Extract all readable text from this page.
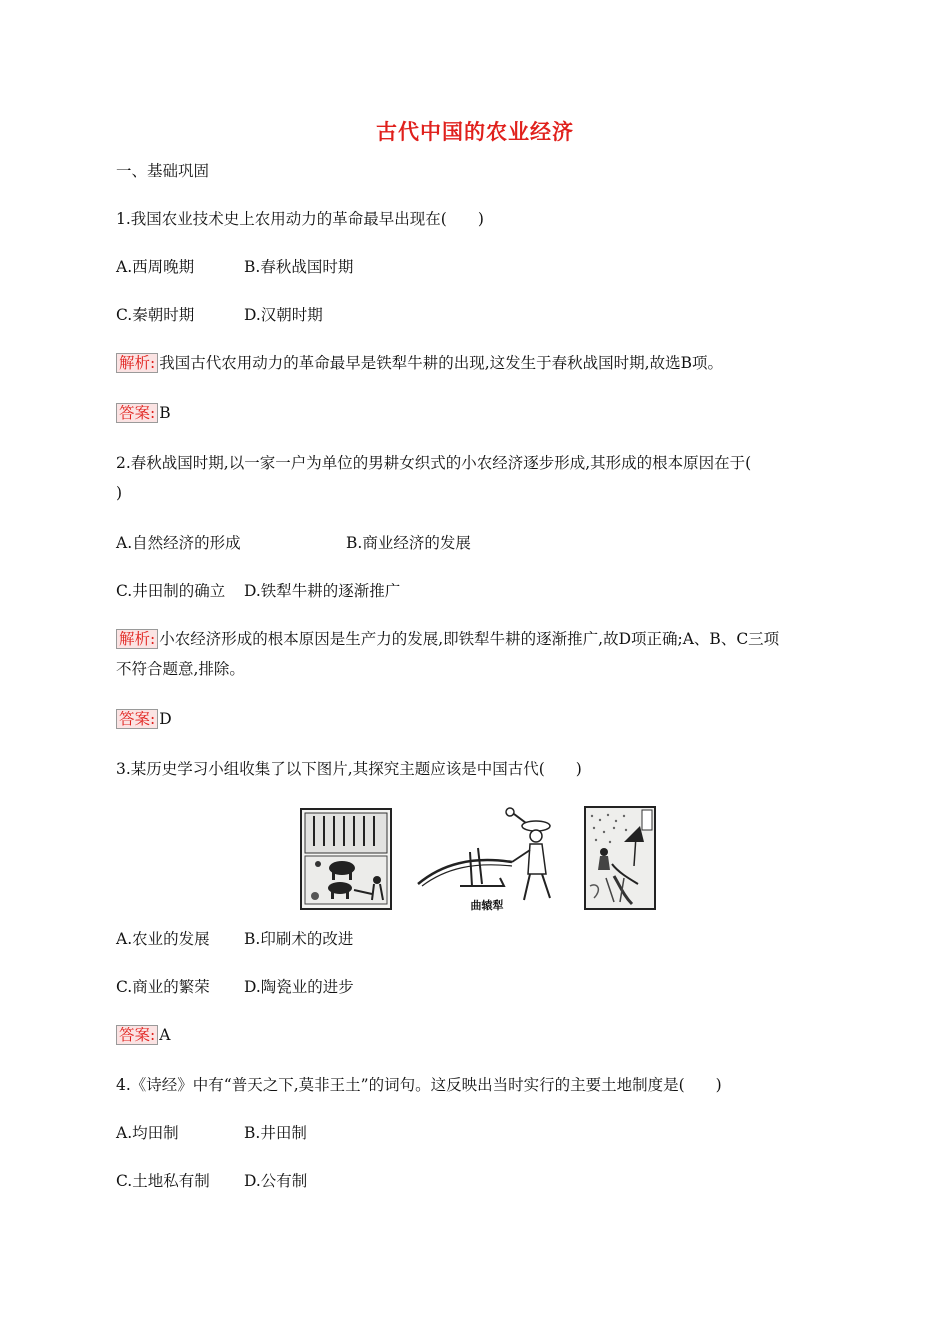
古代中国的农业经济
一、基础巩固
1.我国农业技术史上农用动力的革命最早出现在(　　)
A.西周晚期	B.春秋战国时期
C.秦朝时期	D.汉朝时期
解析: 我国古代农用动力的革命最早是铁犁牛耕的出现,这发生于春秋战国时期,故选B项。
答案: B
2.春秋战国时期,以一家一户为单位的男耕女织式的小农经济逐步形成,其形成的根本原因在于(
)
A.自然经济的形成	B.商业经济的发展
C.井田制的确立 D.铁犁牛耕的逐渐推广
解析: 小农经济形成的根本原因是生产力的发展,即铁犁牛耕的逐渐推广,故D项正确;A、B、C三项
不符合题意,排除。
答案: D
3.某历史学习小组收集了以下图片,其探究主题应该是中国古代(　　)
曲辕犁
A.农业的发展 B.印刷术的改进
C.商业的繁荣 D.陶瓷业的进步
答案: A
4.《诗经》中有“普天之下,莫非王土”的词句。这反映出当时实行的主要土地制度是(　　)
A.均田制	B.井田制
C.土地私有制 D.公有制
